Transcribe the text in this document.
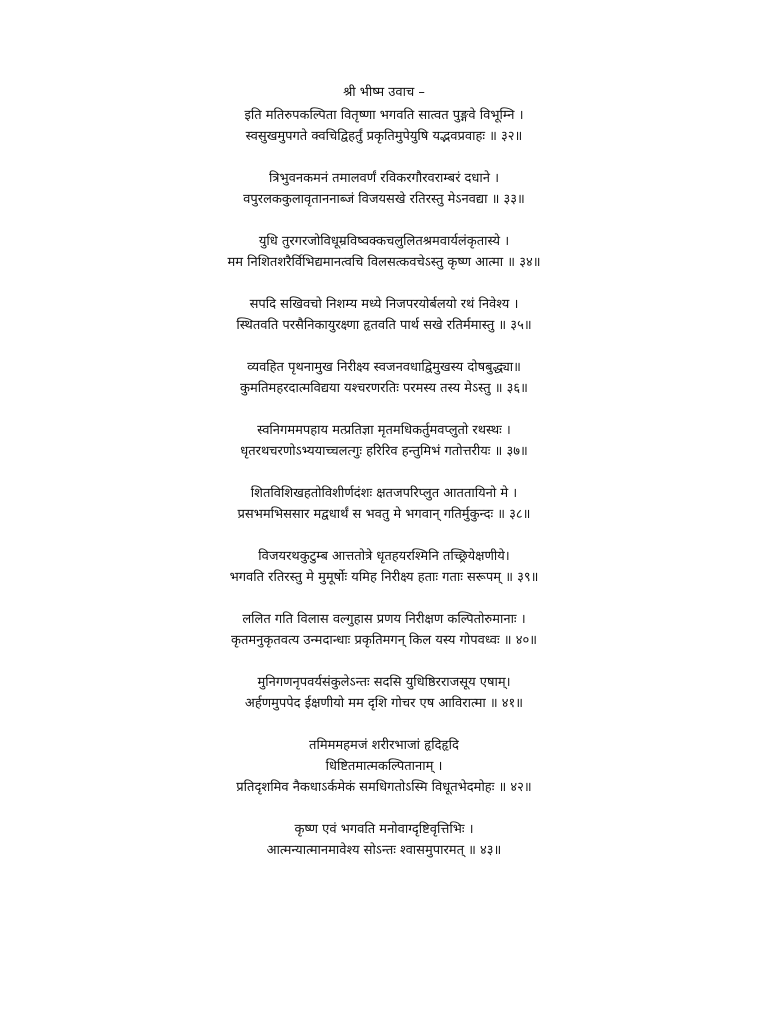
श्री भीष्म उवाच –
इति मतिरुपकल्पिता वितृष्णा भगवति सात्वत पुङ्गवे विभूम्नि ।
स्वसुखमुपगते क्वचिद्विहर्तुं प्रकृतिमुपेयुषि यद्भवप्रवाहः ॥ ३२॥
त्रिभुवनकमनं तमालवर्णं रविकरगौरवराम्बरं दधाने ।
वपुरलककुलावृताननाब्जं विजयसखे रतिरस्तु मेऽनवद्या ॥ ३३॥
युधि तुरगरजोविधूम्रविष्वक्कचलुलितश्रमवार्यलंकृतास्ये ।
मम निशितशरैर्विभिद्यमानत्वचि विलसत्कवचेऽस्तु कृष्ण आत्मा ॥ ३४॥
सपदि सखिवचो निशम्य मध्ये निजपरयोर्बलयो रथं निवेश्य ।
स्थितवति परसैनिकायुरक्ष्णा हृतवति पार्थ सखे रतिर्ममास्तु ॥ ३५॥
व्यवहित पृथनामुख निरीक्ष्य स्वजनवधाद्विमुखस्य दोषबुद्ध्या॥
कुमतिमहरदात्मविद्यया यश्चरणरतिः परमस्य तस्य मेऽस्तु ॥ ३६॥
स्वनिगममपहाय मत्प्रतिज्ञा मृतमधिकर्तुमवप्लुतो रथस्थः ।
धृतरथचरणोऽभ्ययाच्चलत्गुः हरिरिव हन्तुमिभं गतोत्तरीयः ॥ ३७॥
शितविशिखहतोविशीर्णदंशः क्षतजपरिप्लुत आततायिनो मे ।
प्रसभमभिससार मद्वधार्थं स भवतु मे भगवान् गतिर्मुकुन्दः ॥ ३८॥
विजयरथकुटुम्ब आत्ततोत्रे धृतहयरश्मिनि तच्छ्रियेक्षणीये।
भगवति रतिरस्तु मे मुमूर्षोः यमिह निरीक्ष्य हताः गताः सरूपम् ॥ ३९॥
ललित गति विलास वल्गुहास प्रणय निरीक्षण कल्पितोरुमानाः ।
कृतमनुकृतवत्य उन्मदान्धाः प्रकृतिमगन् किल यस्य गोपवध्वः ॥ ४०॥
मुनिगणनृपवर्यसंकुलेऽन्तः सदसि युधिष्ठिरराजसूय एषाम्।
अर्हणमुपपेद ईक्षणीयो मम दृशि गोचर एष आविरात्मा ॥ ४१॥
तमिममहमजं शरीरभाजां हृदिहृदि
धिष्टितमात्मकल्पितानाम् ।
प्रतिदृशमिव नैकधाऽर्कमेकं समधिगतोऽस्मि विधूतभेदमोहः ॥ ४२॥
कृष्ण एवं भगवति मनोवाग्दृष्टिवृत्तिभिः ।
आत्मन्यात्मानमावेश्य सोऽन्तः श्वासमुपारमत् ॥ ४३॥
